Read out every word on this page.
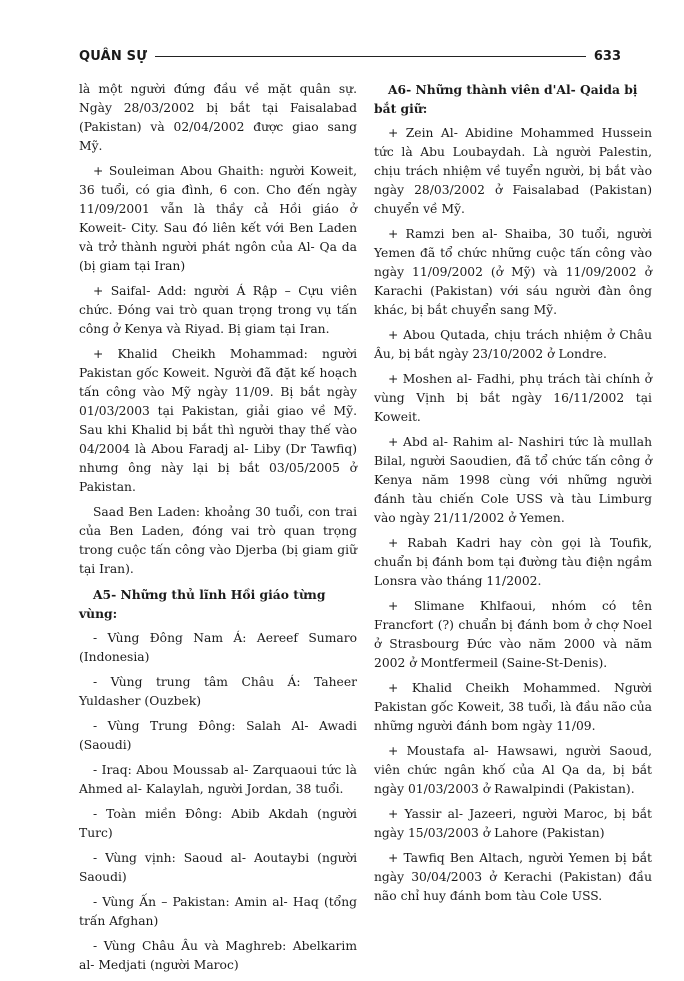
QUÂN SỰ	633

là một người đứng đầu về mặt quân sự. Ngày 28/03/2002 bị bắt tại Faisalabad (Pakistan) và 02/04/2002 được giao sang Mỹ.

+ Souleiman Abou Ghaith: người Koweit, 36 tuổi, có gia đình, 6 con. Cho đến ngày 11/09/2001 vẫn là thầy cả Hồi giáo ở Koweit- City. Sau đó liên kết với Ben Laden và trở thành người phát ngôn của Al- Qa da (bị giam tại Iran)

+ Saifal- Add: người Á Rập – Cựu viên chức. Đóng vai trò quan trọng trong vụ tấn công ở Kenya và Riyad. Bị giam tại Iran.

+ Khalid Cheikh Mohammad: người Pakistan gốc Koweit. Người đã đặt kế hoạch tấn công vào Mỹ ngày 11/09. Bị bắt ngày 01/03/2003 tại Pakistan, giải giao về Mỹ. Sau khi Khalid bị bắt thì người thay thế vào 04/2004 là Abou Faradj al- Liby (Dr Tawfiq) nhưng ông này lại bị bắt 03/05/2005 ở Pakistan.

Saad Ben Laden: khoảng 30 tuổi, con trai của Ben Laden, đóng vai trò quan trọng trong cuộc tấn công vào Djerba (bị giam giữ tại Iran).

A5- Những thủ lĩnh Hồi giáo từng vùng:

- Vùng Đông Nam Á: Aereef Sumaro (Indonesia)

- Vùng trung tâm Châu Á: Taheer Yuldasher (Ouzbek)

- Vùng Trung Đông: Salah Al- Awadi (Saoudi)

- Iraq: Abou Moussab al- Zarquaoui tức là Ahmed al- Kalaylah, người Jordan, 38 tuổi.

- Toàn miền Đông: Abib Akdah (người Turc)

- Vùng vịnh: Saoud al- Aoutaybi (người Saoudi)

- Vùng Ấn – Pakistan: Amin al- Haq (tổng trấn Afghan)

- Vùng Châu Âu và Maghreb: Abelkarim al- Medjati (người Maroc)

A6- Những thành viên d'Al- Qaida bị bắt giữ:

+ Zein Al- Abidine Mohammed Hussein tức là Abu Loubaydah. Là người Palestin, chịu trách nhiệm về tuyển người, bị bắt vào ngày 28/03/2002 ở Faisalabad (Pakistan) chuyển về Mỹ.

+ Ramzi ben al- Shaiba, 30 tuổi, người Yemen đã tổ chức những cuộc tấn công vào ngày 11/09/2002 (ở Mỹ) và 11/09/2002 ở Karachi (Pakistan) với sáu người đàn ông khác, bị bắt chuyển sang Mỹ.

+ Abou Qutada, chịu trách nhiệm ở Châu Âu, bị bắt ngày 23/10/2002 ở Londre.

+ Moshen al- Fadhi, phụ trách tài chính ở vùng Vịnh bị bắt ngày 16/11/2002 tại Koweit.

+ Abd al- Rahim al- Nashiri tức là mullah Bilal, người Saoudien, đã tổ chức tấn công ở Kenya năm 1998 cùng với những người đánh tàu chiến Cole USS và tàu Limburg vào ngày 21/11/2002 ở Yemen.

+ Rabah Kadri hay còn gọi là Toufik, chuẩn bị đánh bom tại đường tàu điện ngầm Lonsra vào tháng 11/2002.

+ Slimane Khlfaoui, nhóm có tên Francfort (?) chuẩn bị đánh bom ở chợ Noel ở Strasbourg Đức vào năm 2000 và năm 2002 ở Montfermeil (Saine-St-Denis).

+ Khalid Cheikh Mohammed. Người Pakistan gốc Koweit, 38 tuổi, là đầu não của những người đánh bom ngày 11/09.

+ Moustafa al- Hawsawi, người Saoud, viên chức ngân khố của Al Qa da, bị bắt ngày 01/03/2003 ở Rawalpindi (Pakistan).

+ Yassir al- Jazeeri, người Maroc, bị bắt ngày 15/03/2003 ở Lahore (Pakistan)

+ Tawfiq Ben Altach, người Yemen bị bắt ngày 30/04/2003 ở Kerachi (Pakistan) đầu não chỉ huy đánh bom tàu Cole USS.
